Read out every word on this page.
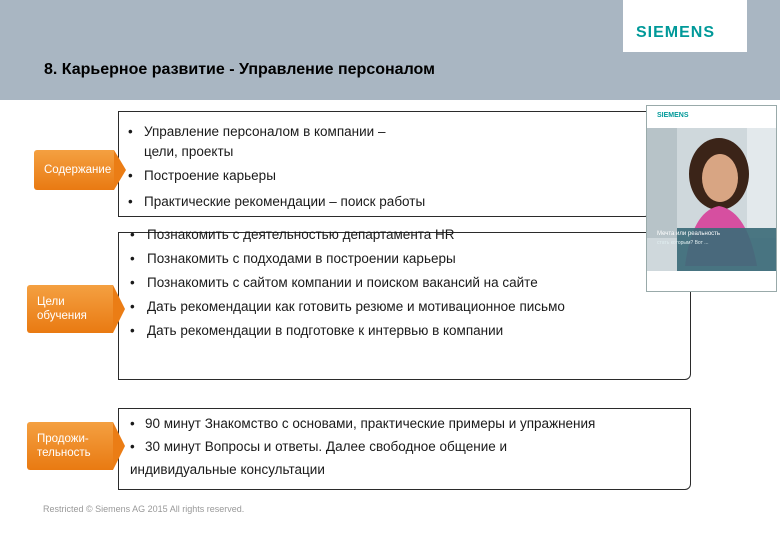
8. Карьерное развитие - Управление персоналом
SIEMENS
Содержание
• Управление персоналом в компании –
цели, проекты
• Построение карьеры
• Практические рекомендации – поиск работы
Цели
обучения
• Познакомить с деятельностью департамента HR
• Познакомить с подходами в построении карьеры
• Познакомить с сайтом компании и поиском вакансий на сайте
• Дать рекомендации как готовить резюме и мотивационное письмо
• Дать рекомендации в подготовке к интервью в компании
Продожи-
тельность
• 90 минут Знакомство с основами, практические примеры и упражнения
• 30 минут Вопросы и ответы. Далее свободное общение и
индивидуальные консультации
SIEMENS
Мечта или реальность
стать которым? Вот ...
Restricted © Siemens AG 2015 All rights reserved.
